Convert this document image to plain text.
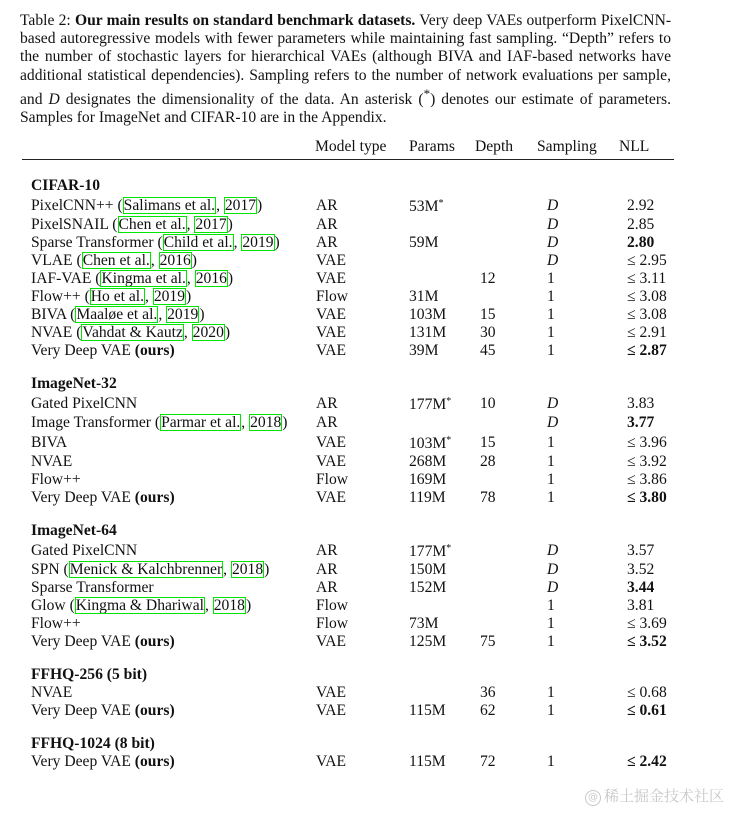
Table 2: Our main results on standard benchmark datasets. Very deep VAEs outperform PixelCNN-based autoregressive models with fewer parameters while maintaining fast sampling. “Depth” refers to the number of stochastic layers for hierarchical VAEs (although BIVA and IAF-based networks have additional statistical dependencies). Sampling refers to the number of network evaluations per sample, and D designates the dimensionality of the data. An asterisk (*) denotes our estimate of parameters. Samples for ImageNet and CIFAR-10 are in the Appendix.
	Model type	Params	Depth	Sampling	NLL

CIFAR-10					
PixelCNN++ (Salimans et al., 2017)	AR	53M*		D	2.92
PixelSNAIL (Chen et al., 2017)	AR			D	2.85
Sparse Transformer (Child et al., 2019)	AR	59M		D	2.80
VLAE (Chen et al., 2016)	VAE			D	≤ 2.95
IAF-VAE (Kingma et al., 2016)	VAE		12	1	≤ 3.11
Flow++ (Ho et al., 2019)	Flow	31M		1	≤ 3.08
BIVA (Maaløe et al., 2019)	VAE	103M	15	1	≤ 3.08
NVAE (Vahdat & Kautz, 2020)	VAE	131M	30	1	≤ 2.91
Very Deep VAE (ours)	VAE	39M	45	1	≤ 2.87

ImageNet-32					
Gated PixelCNN	AR	177M*	10	D	3.83
Image Transformer (Parmar et al., 2018)	AR			D	3.77
BIVA	VAE	103M*	15	1	≤ 3.96
NVAE	VAE	268M	28	1	≤ 3.92
Flow++	Flow	169M		1	≤ 3.86
Very Deep VAE (ours)	VAE	119M	78	1	≤ 3.80

ImageNet-64					
Gated PixelCNN	AR	177M*		D	3.57
SPN (Menick & Kalchbrenner, 2018)	AR	150M		D	3.52
Sparse Transformer	AR	152M		D	3.44
Glow (Kingma & Dhariwal, 2018)	Flow			1	3.81
Flow++	Flow	73M		1	≤ 3.69
Very Deep VAE (ours)	VAE	125M	75	1	≤ 3.52

FFHQ-256 (5 bit)					
NVAE	VAE		36	1	≤ 0.68
Very Deep VAE (ours)	VAE	115M	62	1	≤ 0.61

FFHQ-1024 (8 bit)					
Very Deep VAE (ours)	VAE	115M	72	1	≤ 2.42
@ 稀土掘金技术社区
